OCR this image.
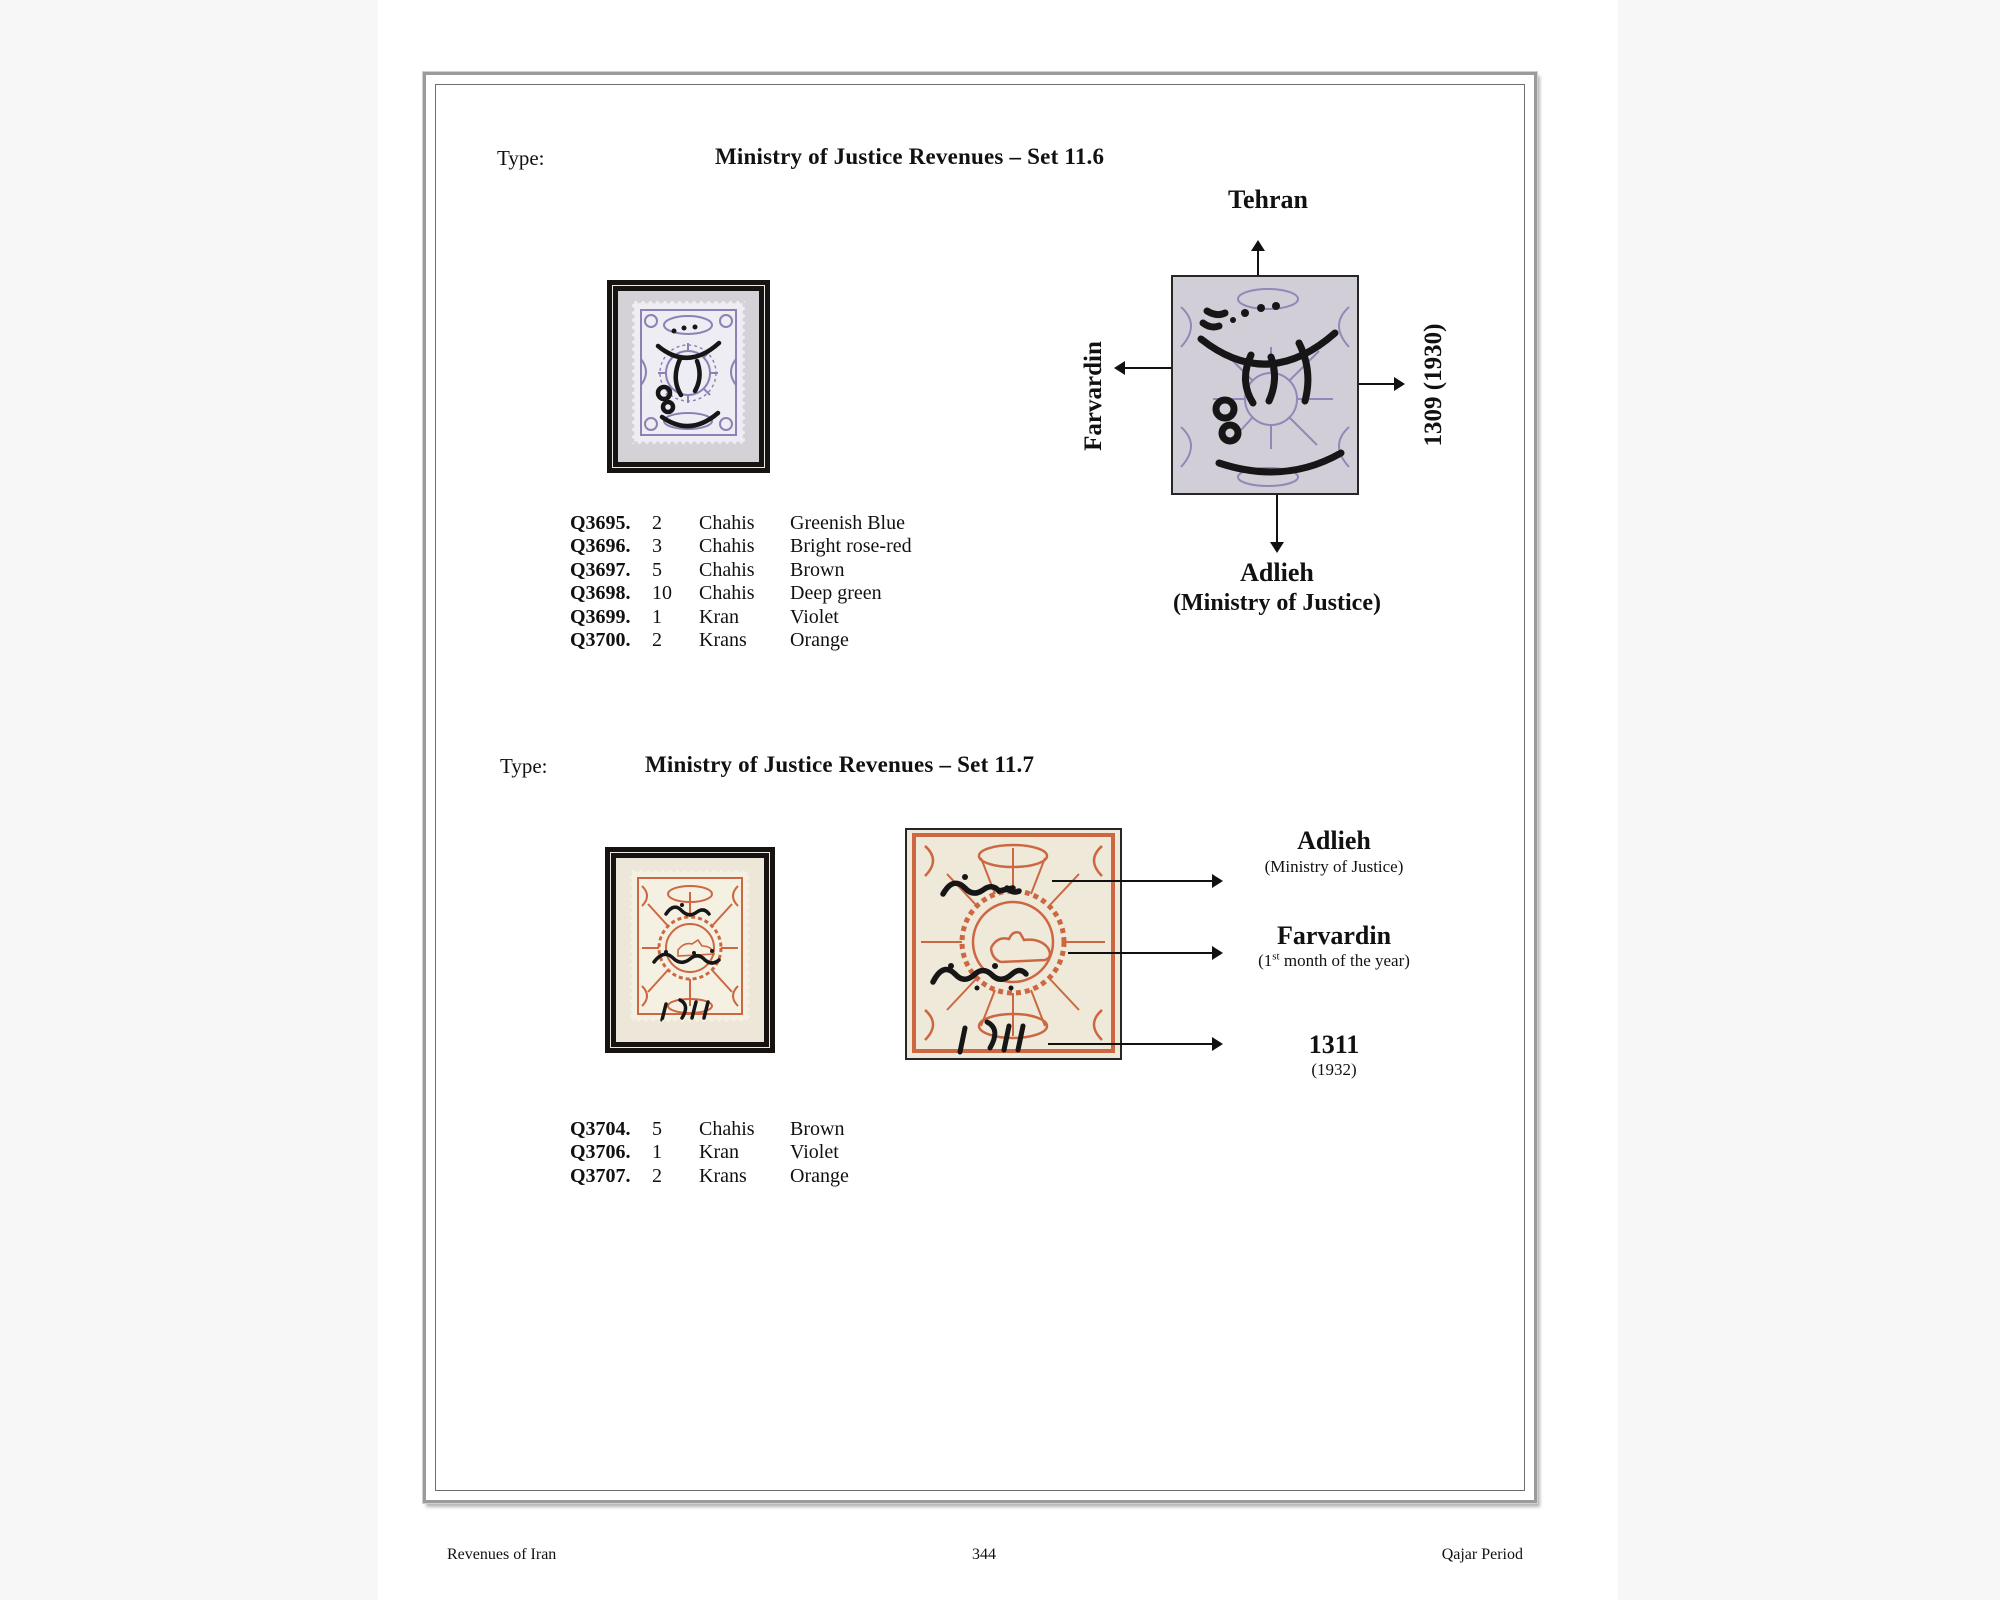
Type:	Ministry of Justice Revenues – Set 11.6
Tehran
Farvardin	1309 (1930)
Adlieh
(Ministry of Justice)
Q3695.	2	Chahis	Greenish Blue
Q3696.	3	Chahis	Bright rose-red
Q3697.	5	Chahis	Brown
Q3698.	10	Chahis	Deep green
Q3699.	1	Kran	Violet
Q3700.	2	Krans	Orange
Type:	Ministry of Justice Revenues – Set 11.7
Adlieh
(Ministry of Justice)
Farvardin
(1st month of the year)
1311
(1932)
Q3704.	5	Chahis	Brown
Q3706.	1	Kran	Violet
Q3707.	2	Krans	Orange
Revenues of Iran	344	Qajar Period
